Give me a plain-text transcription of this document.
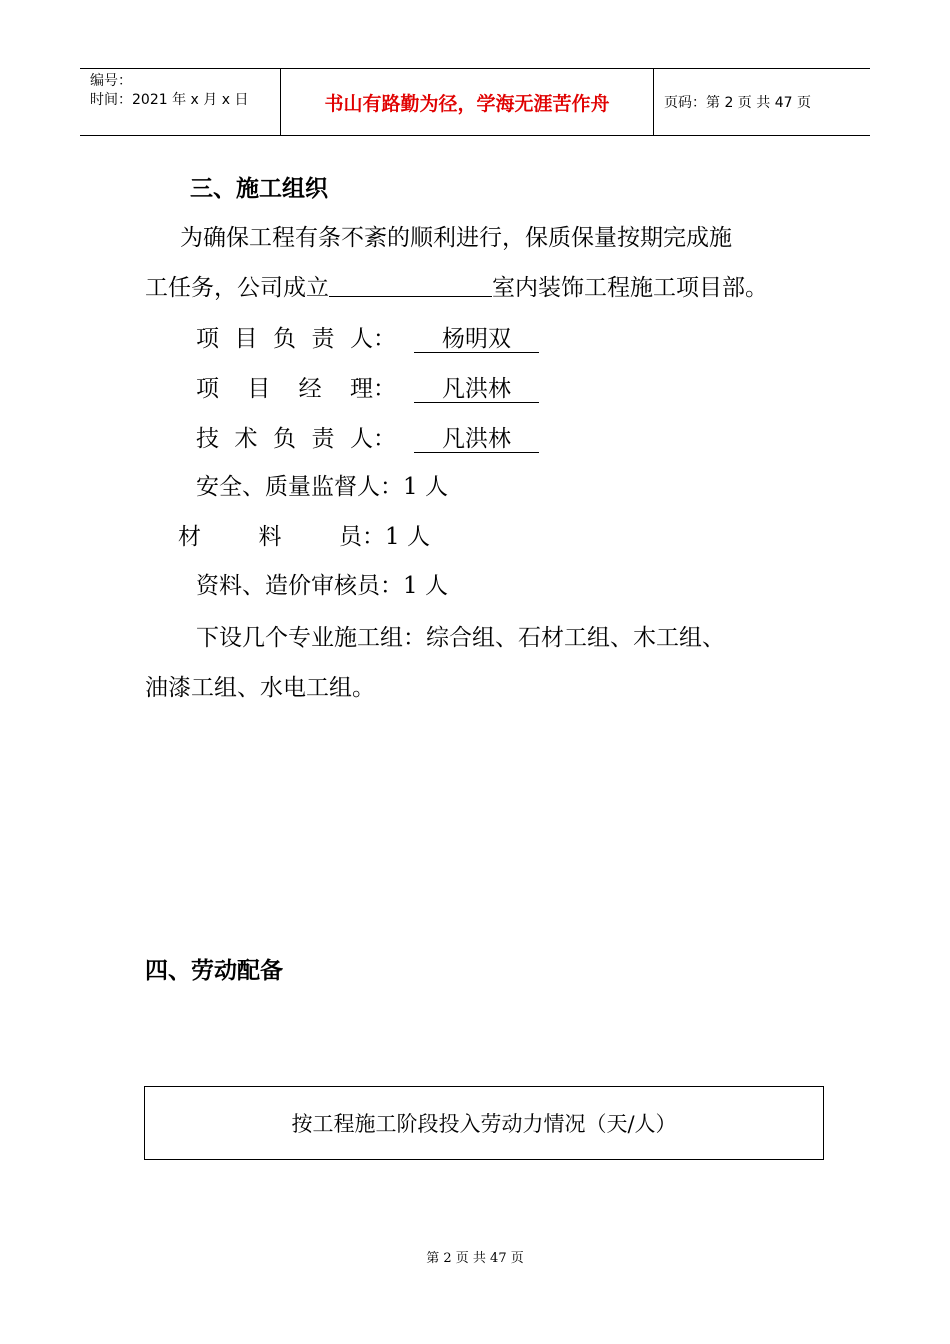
编号：
时间：2021 年 x 月 x 日	书山有路勤为径，学海无涯苦作舟	页码：第 2 页 共 47 页
三、施工组织
为确保工程有条不紊的顺利进行，保质保量按期完成施
工任务，公司成立	室内装饰工程施工项目部。
项 目 负 责 人： 杨明双
项 目 经 理： 凡洪林
技 术 负 责 人： 凡洪林
安全、质量监督人：1 人
材	料	员：1 人
资料、造价审核员：1 人
下设几个专业施工组：综合组、石材工组、木工组、
油漆工组、水电工组。
四、劳动配备
按工程施工阶段投入劳动力情况（天/人）
第 2 页 共 47 页
